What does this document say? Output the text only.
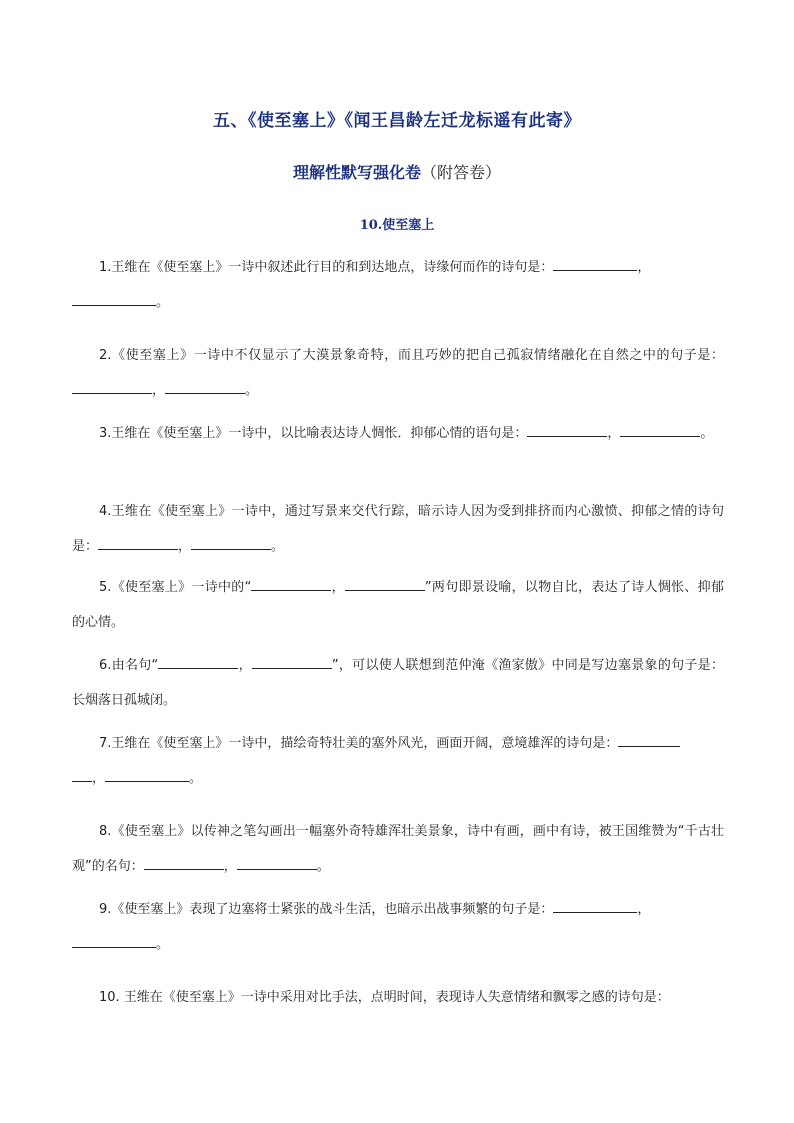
五、《使至塞上》《闻王昌龄左迁龙标遥有此寄》
理解性默写强化卷（附答卷）
10.使至塞上
1.王维在《使至塞上》一诗中叙述此行目的和到达地点，诗缘何而作的诗句是：	，
。
2.《使至塞上》一诗中不仅显示了大漠景象奇特，而且巧妙的把自己孤寂情绪融化在自然之中的句子是：，	。
3.王维在《使至塞上》一诗中，以比喻表达诗人惆怅．抑郁心情的语句是：	，	。
4.王维在《使至塞上》一诗中，通过写景来交代行踪，暗示诗人因为受到排挤而内心激愤、抑郁之情的诗句是：	，	。
5.《使至塞上》一诗中的“	，	”两句即景设喻，以物自比，表达了诗人惆怅、抑郁的心情。
6.由名句“	，	”，可以使人联想到范仲淹《渔家傲》中同是写边塞景象的句子是：长烟落日孤城闭。
7.王维在《使至塞上》一诗中，描绘奇特壮美的塞外风光，画面开阔，意境雄浑的诗句是：
，	。
8.《使至塞上》以传神之笔勾画出一幅塞外奇特雄浑壮美景象，诗中有画，画中有诗，被王国维赞为“千古壮观”的名句：	，	。
9.《使至塞上》表现了边塞将士紧张的战斗生活，也暗示出战事频繁的句子是：	，
。
10. 王维在《使至塞上》一诗中采用对比手法，点明时间，表现诗人失意情绪和飘零之感的诗句是：
